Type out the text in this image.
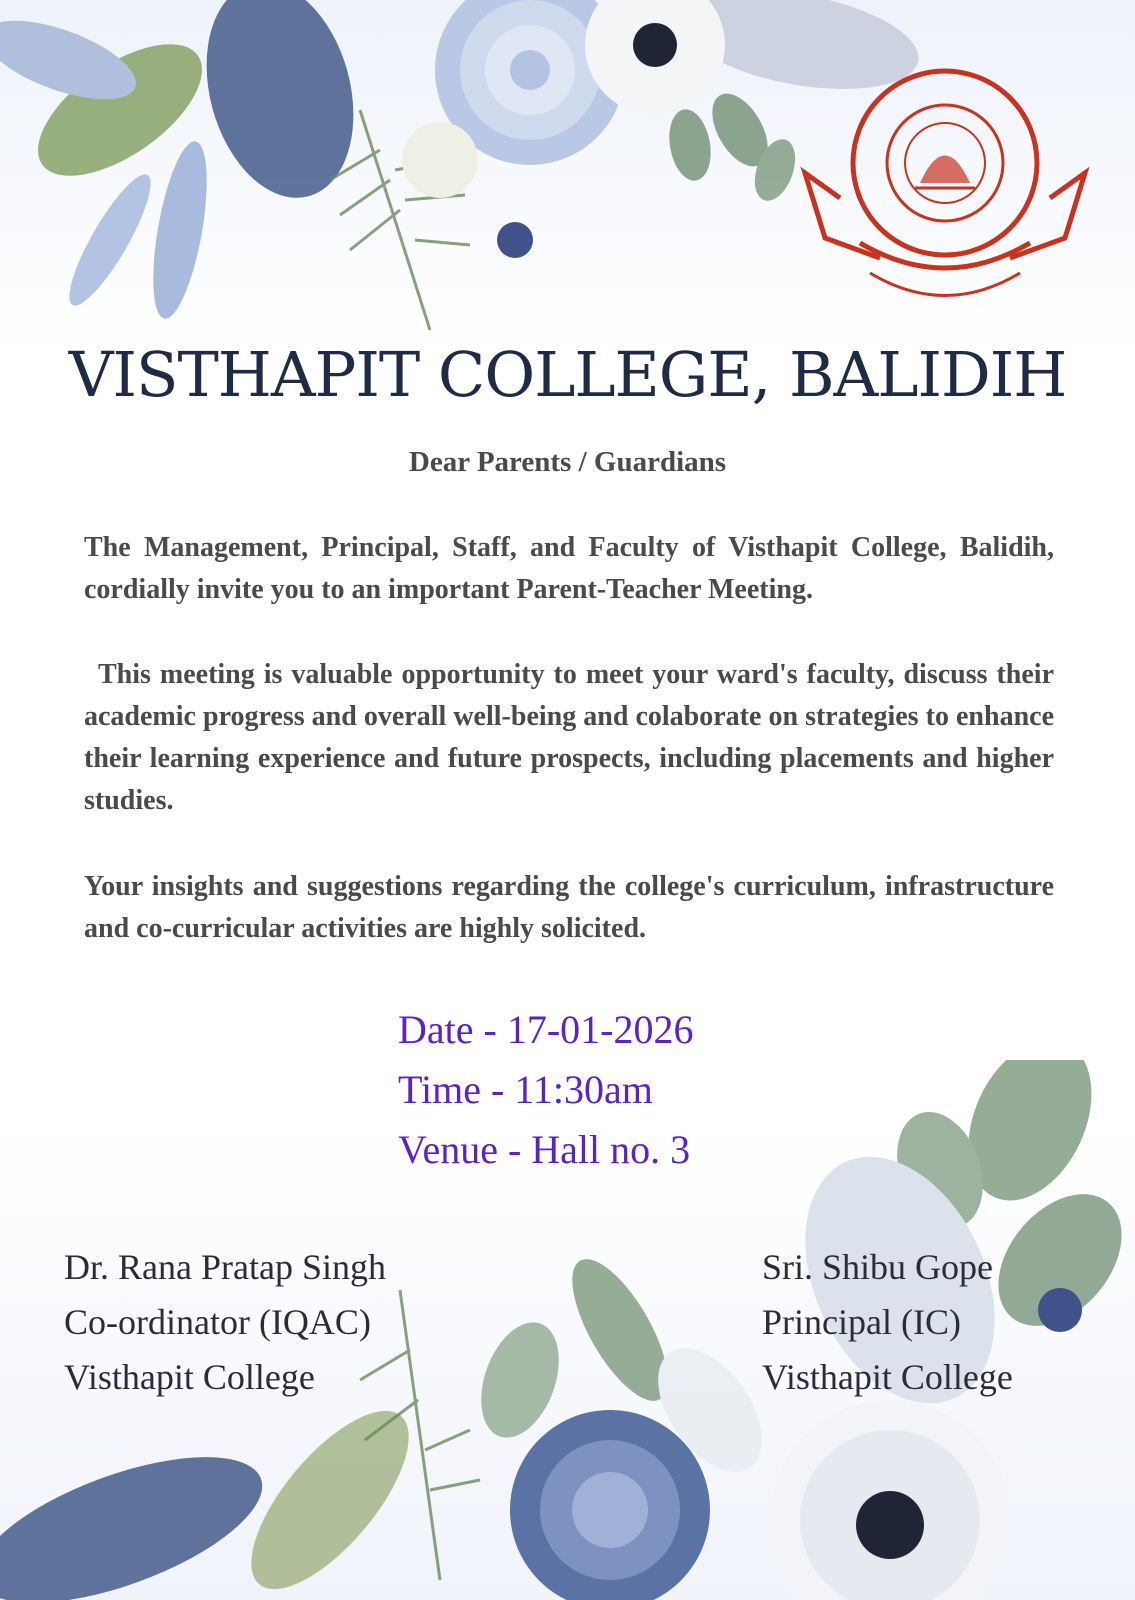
VISTHAPIT COLLEGE, BALIDIH
Dear Parents / Guardians

The Management, Principal, Staff, and Faculty of Visthapit College, Balidih, cordially invite you to an important Parent-Teacher Meeting.

This meeting is valuable opportunity to meet your ward's faculty, discuss their academic progress and overall well-being and colaborate on strategies to enhance their learning experience and future prospects, including placements and higher studies.

Your insights and suggestions regarding the college's curriculum, infrastructure and co-curricular activities are highly solicited.

Date - 17-01-2026
Time - 11:30am
Venue - Hall no. 3
Dr. Rana Pratap Singh
Co-ordinator (IQAC)
Visthapit College
Sri. Shibu Gope
Principal (IC)
Visthapit College
